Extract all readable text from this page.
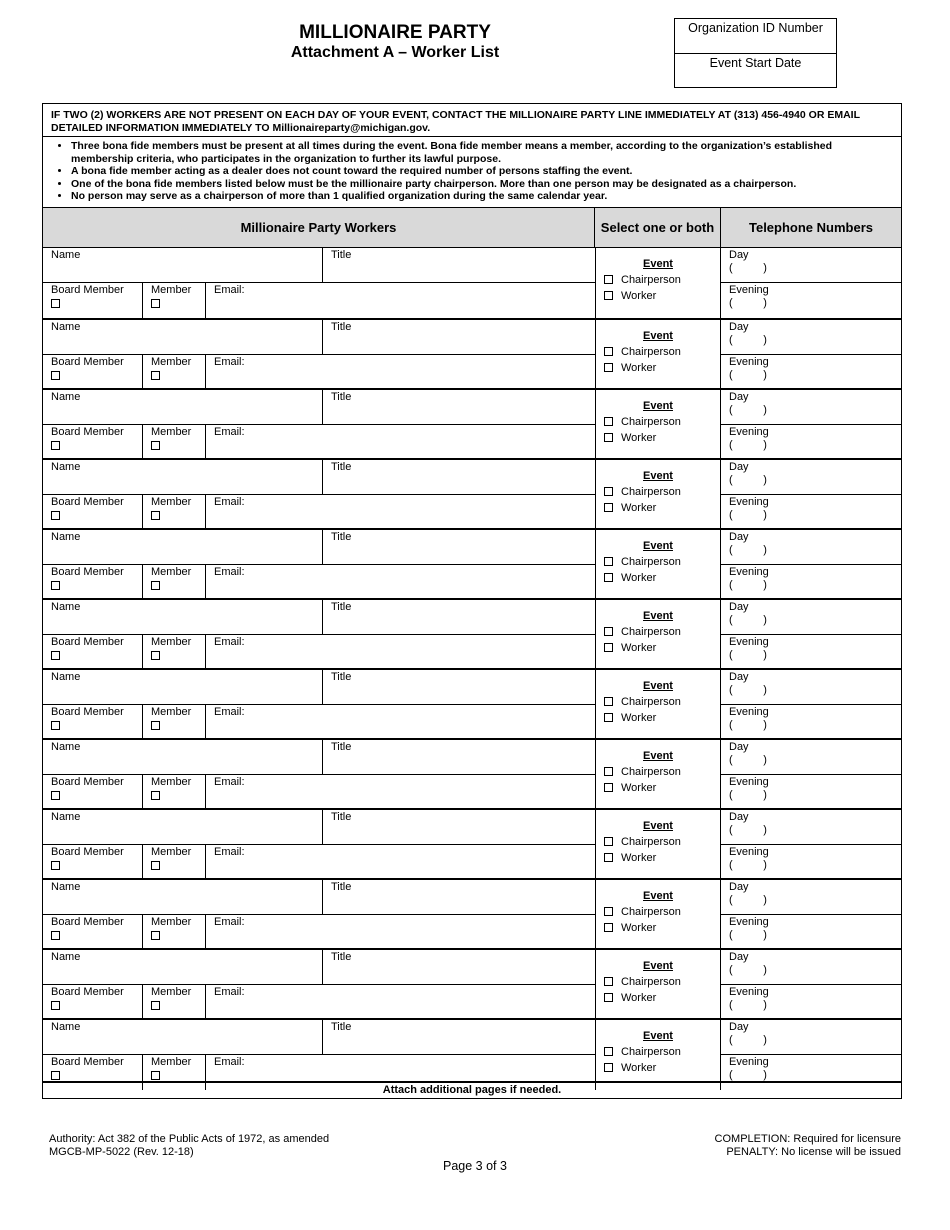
MILLIONAIRE PARTY
Attachment A – Worker List
Organization ID Number
Event Start Date
IF TWO (2) WORKERS ARE NOT PRESENT ON EACH DAY OF YOUR EVENT, CONTACT THE MILLIONAIRE PARTY LINE IMMEDIATELY AT (313) 456-4940 OR EMAIL DETAILED INFORMATION IMMEDIATELY TO Millionaireparty@michigan.gov.
• Three bona fide members must be present at all times during the event. Bona fide member means a member, according to the organization’s established membership criteria, who participates in the organization to further its lawful purpose.
• A bona fide member acting as a dealer does not count toward the required number of persons staffing the event.
• One of the bona fide members listed below must be the millionaire party chairperson. More than one person may be designated as a chairperson.
• No person may serve as a chairperson of more than 1 qualified organization during the same calendar year.
Millionaire Party Workers	Select one or both	Telephone Numbers
Name	Title
Board Member	Member	Email:
Event
Chairperson
Worker
Day
(          )
Evening
(          )
Name	Title
Board Member	Member	Email:
Event
Chairperson
Worker
Day
(          )
Evening
(          )
Name	Title
Board Member	Member	Email:
Event
Chairperson
Worker
Day
(          )
Evening
(          )
Name	Title
Board Member	Member	Email:
Event
Chairperson
Worker
Day
(          )
Evening
(          )
Name	Title
Board Member	Member	Email:
Event
Chairperson
Worker
Day
(          )
Evening
(          )
Name	Title
Board Member	Member	Email:
Event
Chairperson
Worker
Day
(          )
Evening
(          )
Name	Title
Board Member	Member	Email:
Event
Chairperson
Worker
Day
(          )
Evening
(          )
Name	Title
Board Member	Member	Email:
Event
Chairperson
Worker
Day
(          )
Evening
(          )
Name	Title
Board Member	Member	Email:
Event
Chairperson
Worker
Day
(          )
Evening
(          )
Name	Title
Board Member	Member	Email:
Event
Chairperson
Worker
Day
(          )
Evening
(          )
Name	Title
Board Member	Member	Email:
Event
Chairperson
Worker
Day
(          )
Evening
(          )
Name	Title
Board Member	Member	Email:
Event
Chairperson
Worker
Day
(          )
Evening
(          )
Attach additional pages if needed.
Authority: Act 382 of the Public Acts of 1972, as amended
MGCB-MP-5022 (Rev. 12-18)
COMPLETION: Required for licensure
PENALTY: No license will be issued
Page 3 of 3
